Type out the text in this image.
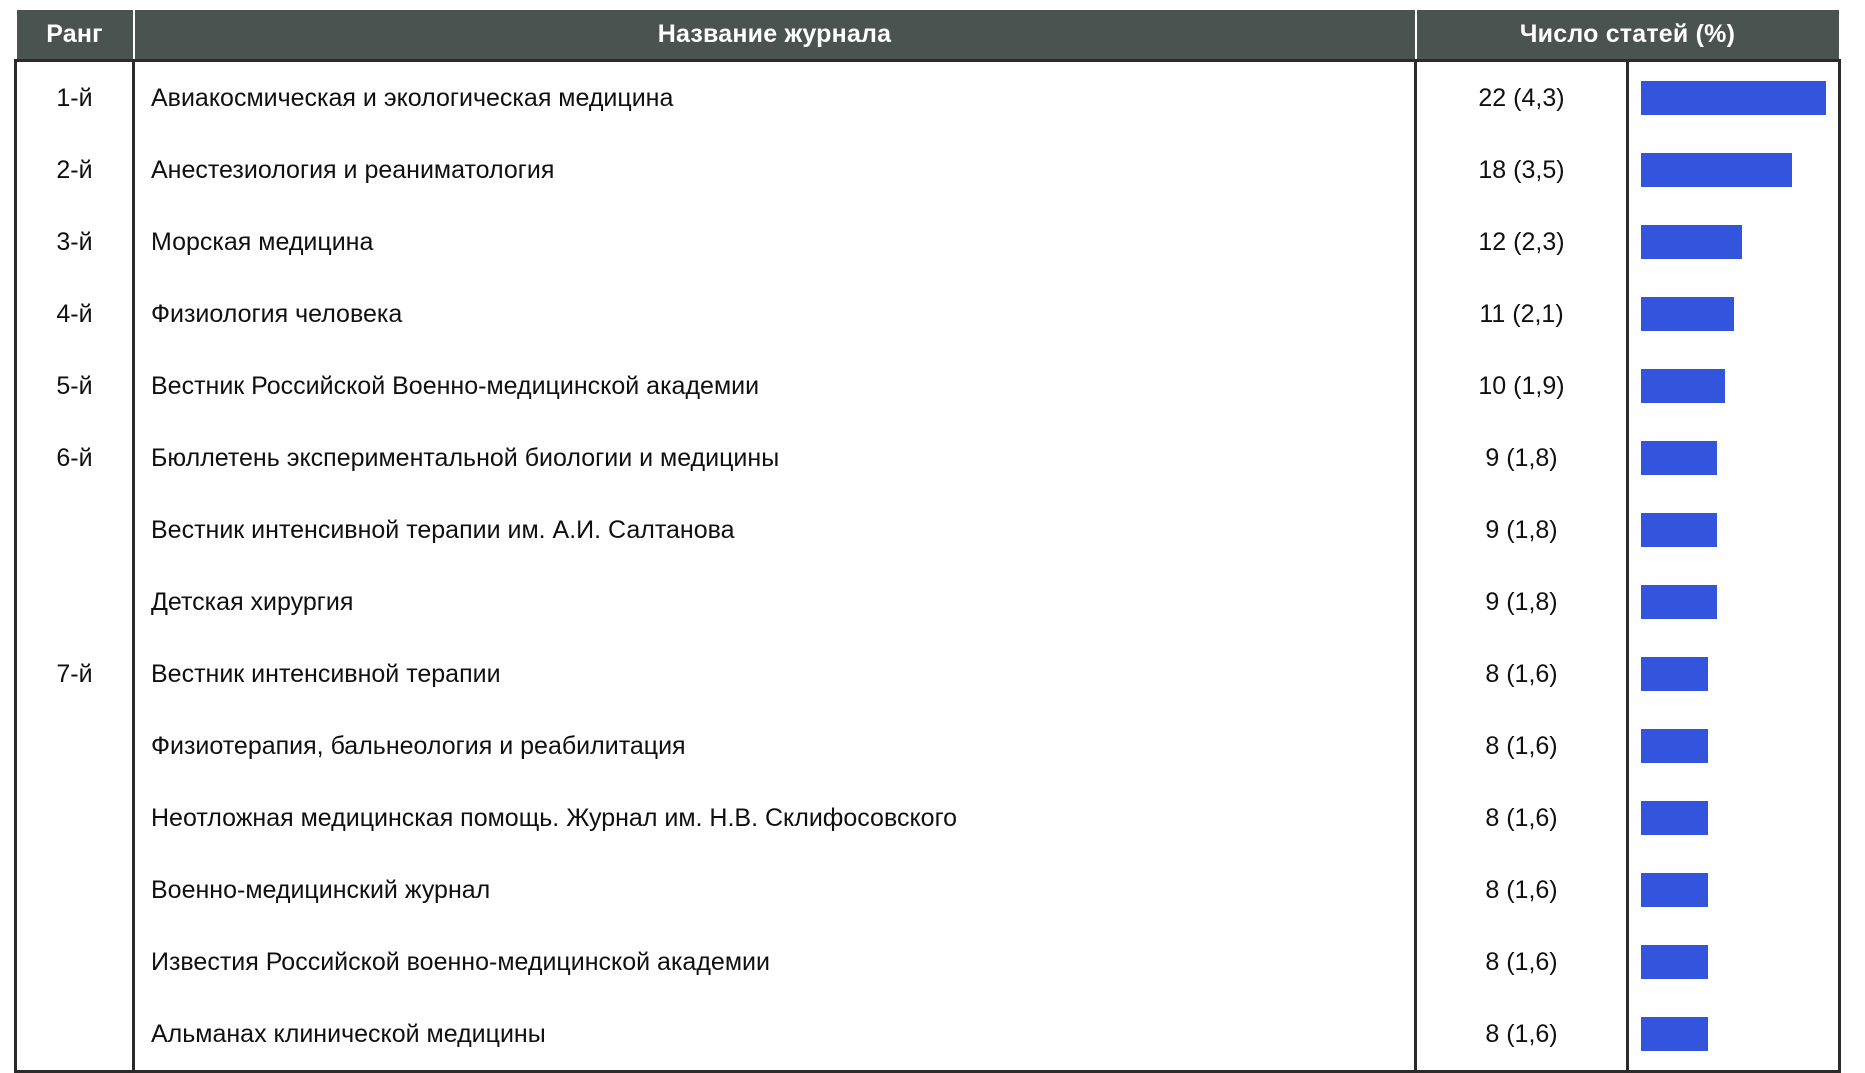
Ранг	Название журнала	Число статей (%)	
1-й	Авиакосмическая и экологическая медицина	22 (4,3)	

2-й	Анестезиология и реаниматология	18 (3,5)	

3-й	Морская медицина	12 (2,3)	

4-й	Физиология человека	11 (2,1)	

5-й	Вестник Российской Военно-медицинской академии	10 (1,9)	

6-й	Бюллетень экспериментальной биологии и медицины	9 (1,8)	

	Вестник интенсивной терапии им. А.И. Салтанова	9 (1,8)	

	Детская хирургия	9 (1,8)	

7-й	Вестник интенсивной терапии	8 (1,6)	

	Физиотерапия, бальнеология и реабилитация	8 (1,6)	

	Неотложная медицинская помощь. Журнал им. Н.В. Склифосовского	8 (1,6)	

	Военно-медицинский журнал	8 (1,6)	

	Известия Российской военно-медицинской академии	8 (1,6)	

	Альманах клинической медицины	8 (1,6)	
